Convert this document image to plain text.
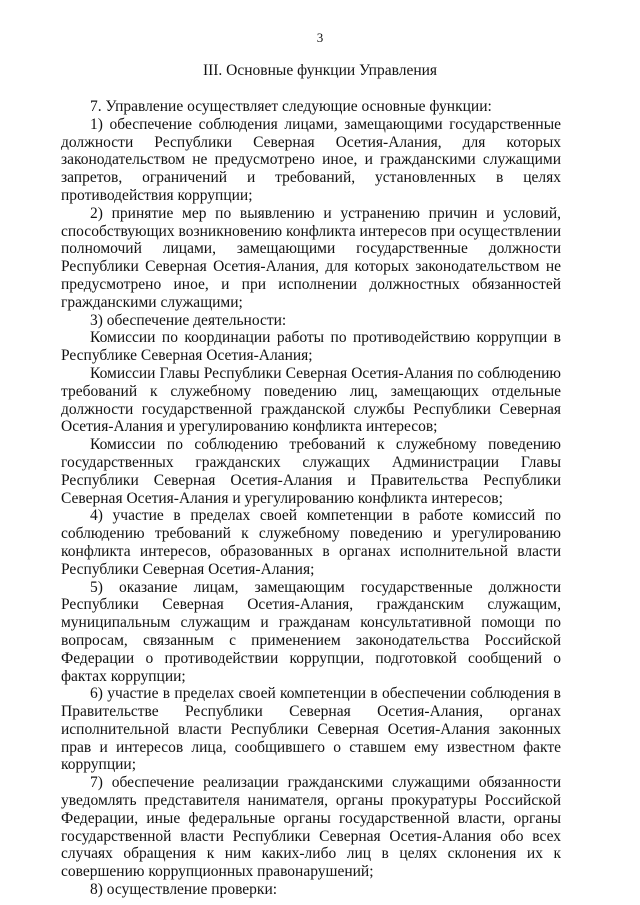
3
III. Основные функции Управления

7. Управление осуществляет следующие основные функции:

1) обеспечение соблюдения лицами, замещающими государственные должности Республики Северная Осетия-Алания, для которых законодательством не предусмотрено иное, и гражданскими служащими запретов, ограничений и требований, установленных в целях противодействия коррупции;

2) принятие мер по выявлению и устранению причин и условий, способствующих возникновению конфликта интересов при осуществлении полномочий лицами, замещающими государственные должности Республики Северная Осетия-Алания, для которых законодательством не предусмотрено иное, и при исполнении должностных обязанностей гражданскими служащими;

3) обеспечение деятельности:

Комиссии по координации работы по противодействию коррупции в Республике Северная Осетия-Алания;

Комиссии Главы Республики Северная Осетия-Алания по соблюдению требований к служебному поведению лиц, замещающих отдельные должности государственной гражданской службы Республики Северная Осетия-Алания и урегулированию конфликта интересов;

Комиссии по соблюдению требований к служебному поведению государственных гражданских служащих Администрации Главы Республики Северная Осетия-Алания и Правительства Республики Северная Осетия-Алания и урегулированию конфликта интересов;

4) участие в пределах своей компетенции в работе комиссий по соблюдению требований к служебному поведению и урегулированию конфликта интересов, образованных в органах исполнительной власти Республики Северная Осетия-Алания;

5) оказание лицам, замещающим государственные должности Республики Северная Осетия-Алания, гражданским служащим, муниципальным служащим и гражданам консультативной помощи по вопросам, связанным с применением законодательства Российской Федерации о противодействии коррупции, подготовкой сообщений о фактах коррупции;

6) участие в пределах своей компетенции в обеспечении соблюдения в Правительстве Республики Северная Осетия-Алания, органах исполнительной власти Республики Северная Осетия-Алания законных прав и интересов лица, сообщившего о ставшем ему известном факте коррупции;

7) обеспечение реализации гражданскими служащими обязанности уведомлять представителя нанимателя, органы прокуратуры Российской Федерации, иные федеральные органы государственной власти, органы государственной власти Республики Северная Осетия-Алания обо всех случаях обращения к ним каких-либо лиц в целях склонения их к совершению коррупционных правонарушений;

8) осуществление проверки:
